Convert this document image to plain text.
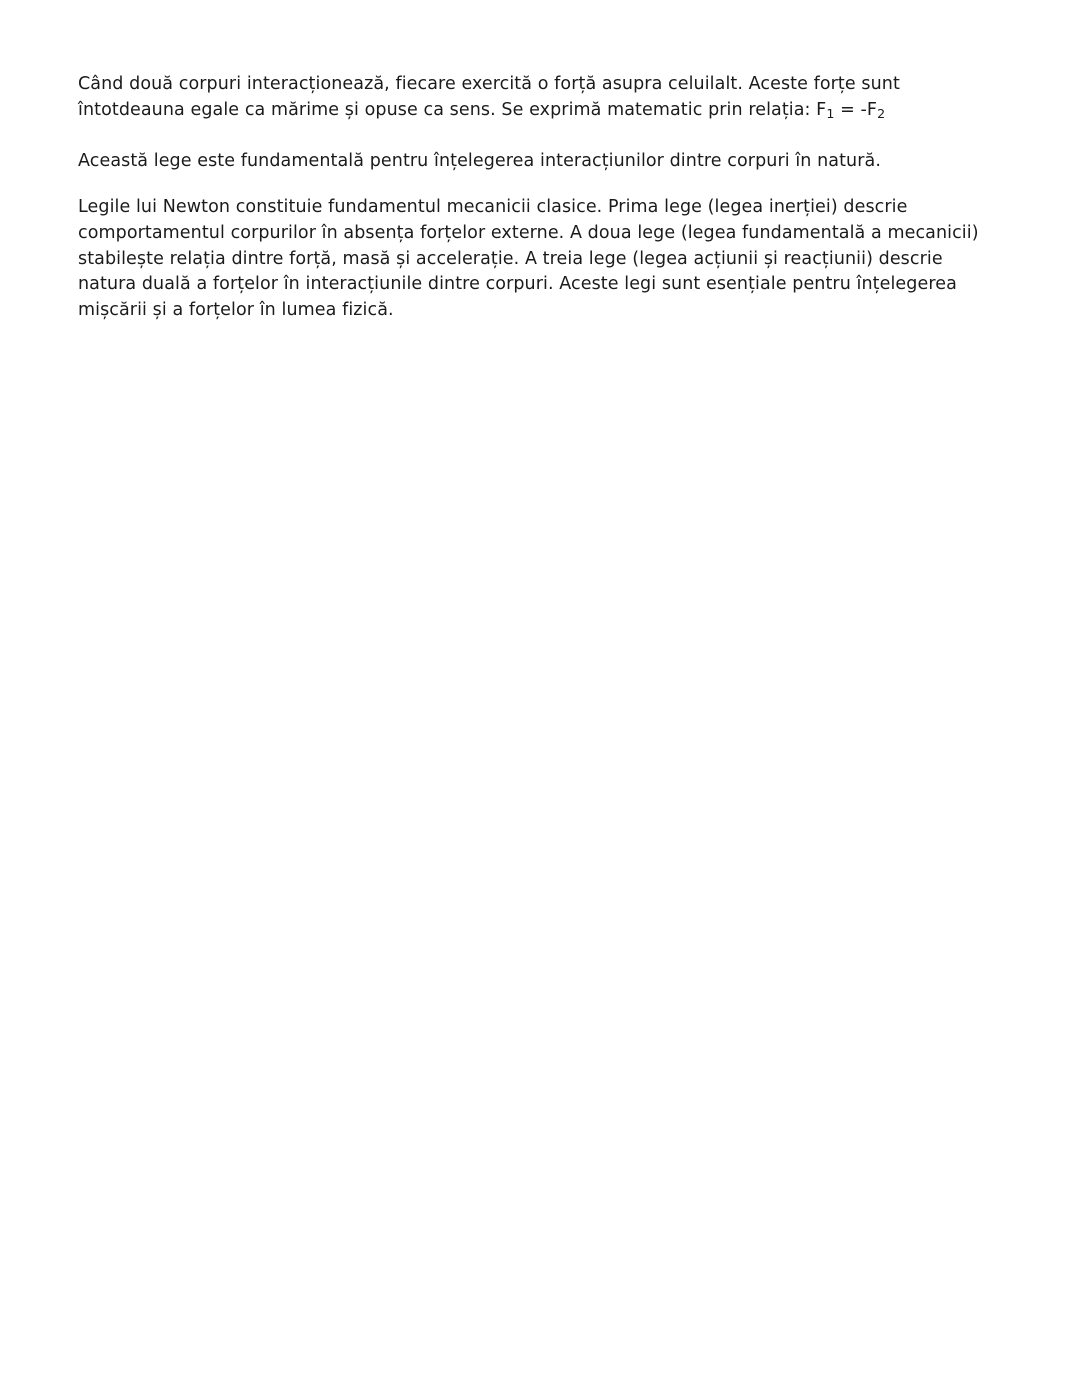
Când două corpuri interacționează, fiecare exercită o forță asupra celuilalt. Aceste forțe sunt întotdeauna egale ca mărime și opuse ca sens. Se exprimă matematic prin relația: $F_1 = -F_2$

Această lege este fundamentală pentru înțelegerea interacțiunilor dintre corpuri în natură.

Legile lui Newton constituie fundamentul mecanicii clasice. Prima lege (legea inerției) descrie comportamentul corpurilor în absența forțelor externe. A doua lege (legea fundamentală a mecanicii) stabilește relația dintre forță, masă și accelerație. A treia lege (legea acțiunii și reacțiunii) descrie natura duală a forțelor în interacțiunile dintre corpuri. Aceste legi sunt esențiale pentru înțelegerea mișcării și a forțelor în lumea fizică.
